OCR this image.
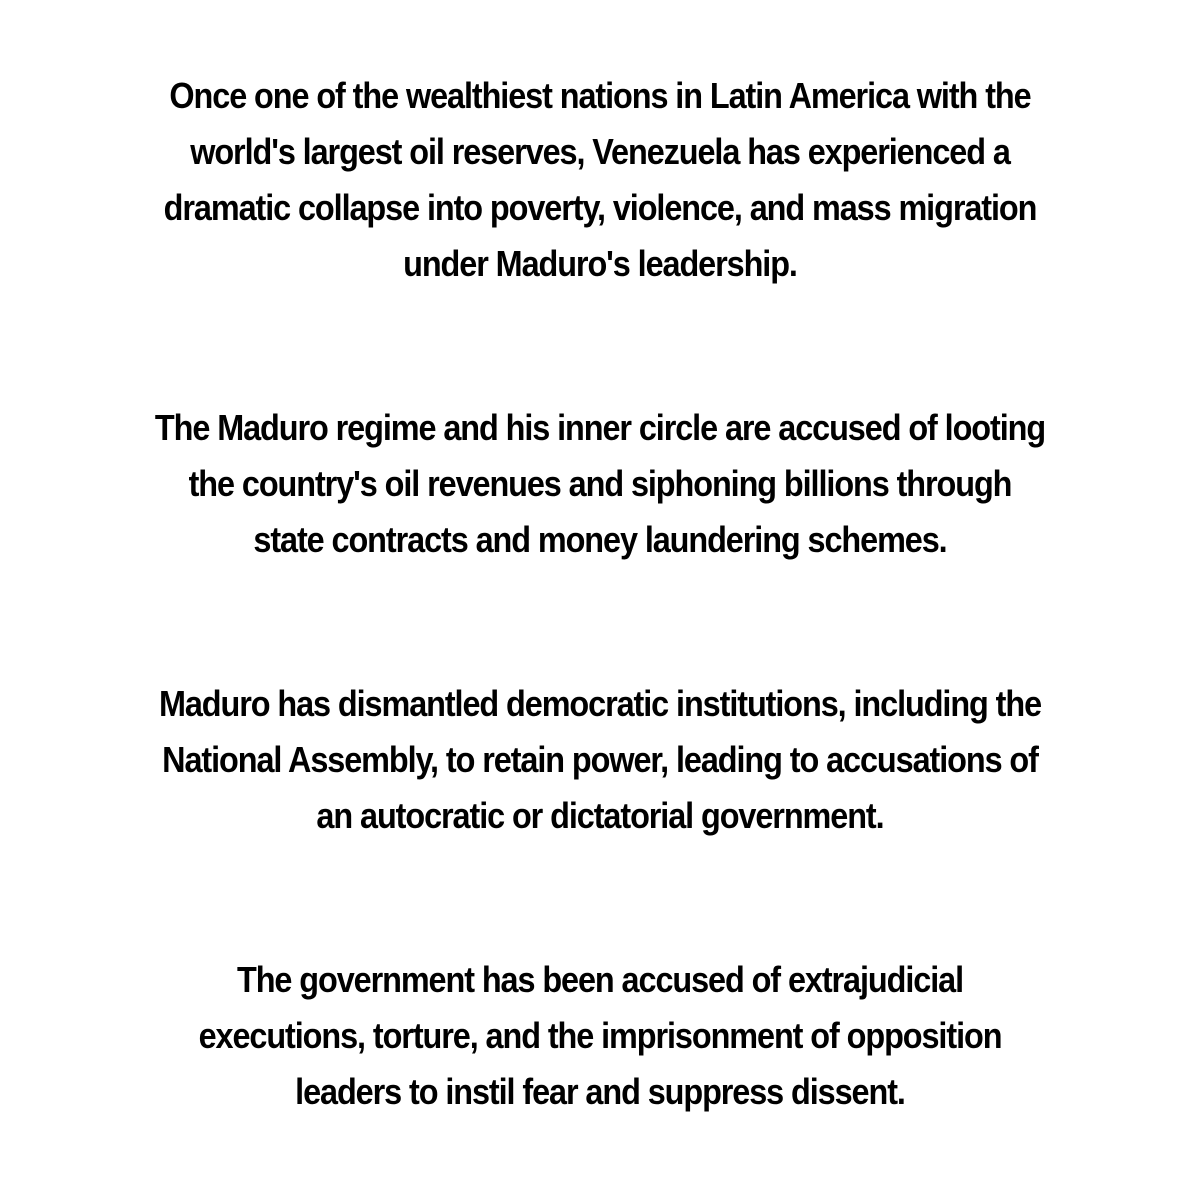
Once one of the wealthiest nations in Latin America with the world's largest oil reserves, Venezuela has experienced a dramatic collapse into poverty, violence, and mass migration under Maduro's leadership.

The Maduro regime and his inner circle are accused of looting the country's oil revenues and siphoning billions through state contracts and money laundering schemes.

Maduro has dismantled democratic institutions, including the National Assembly, to retain power, leading to accusations of an autocratic or dictatorial government.

The government has been accused of extrajudicial executions, torture, and the imprisonment of opposition leaders to instil fear and suppress dissent.
